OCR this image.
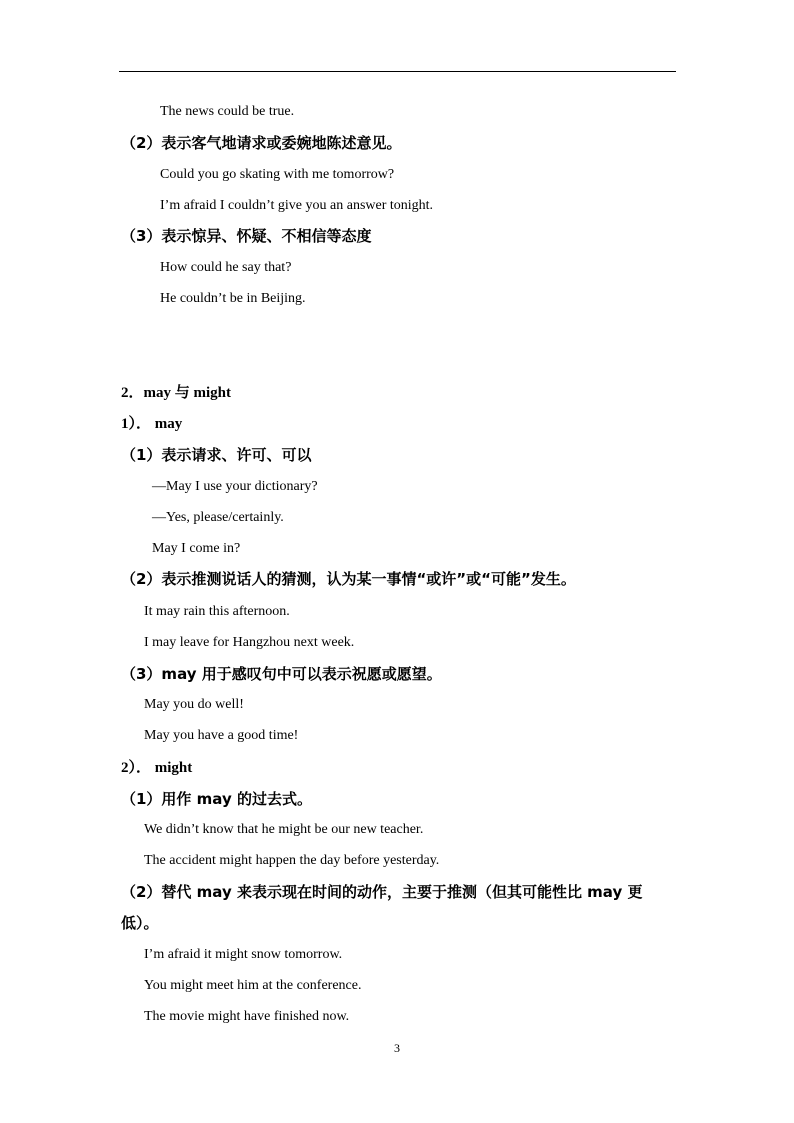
The news could be true.
（2）表示客气地请求或委婉地陈述意见。
Could you go skating with me tomorrow?
I’m afraid I couldn’t give you an answer tonight.
（3）表示惊异、怀疑、不相信等态度
How could he say that?
He couldn’t be in Beijing.
2．may 与 might
1）． may
（1）表示请求、许可、可以
—May I use your dictionary?
—Yes, please/certainly.
May I come in?
（2）表示推测说话人的猜测，认为某一事情“或许”或“可能”发生。
It may rain this afternoon.
I may leave for Hangzhou next week.
（3）may 用于感叹句中可以表示祝愿或愿望。
May you do well!
May you have a good time!
2）． might
（1）用作 may 的过去式。
We didn’t know that he might be our new teacher.
The accident might happen the day before yesterday.
（2）替代 may 来表示现在时间的动作，主要于推测（但其可能性比 may 更
低）。
I’m afraid it might snow tomorrow.
You might meet him at the conference.
The movie might have finished now.
3
